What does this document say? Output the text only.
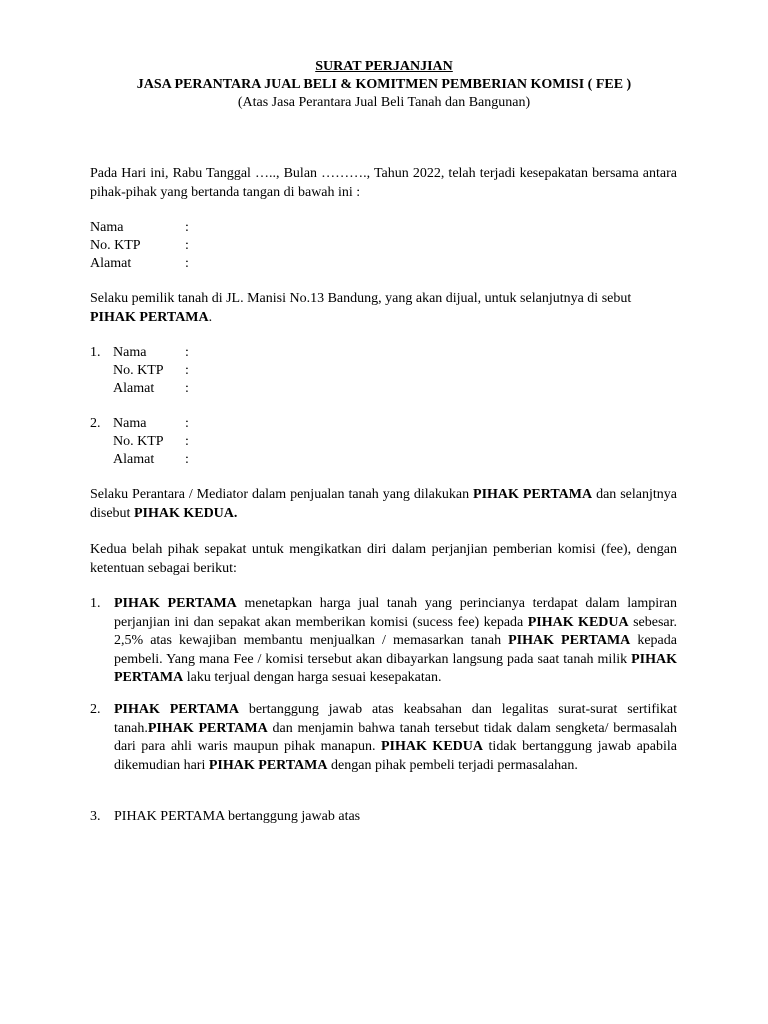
SURAT PERJANJIAN
JASA PERANTARA JUAL BELI & KOMITMEN PEMBERIAN KOMISI ( FEE )
(Atas Jasa Perantara Jual Beli Tanah dan Bangunan)
Pada Hari ini, Rabu Tanggal ….., Bulan ………., Tahun 2022, telah terjadi kesepakatan bersama antara pihak-pihak yang bertanda tangan di bawah ini :
Nama	:
No. KTP	:
Alamat	:
Selaku pemilik tanah di JL. Manisi No.13 Bandung, yang akan dijual, untuk selanjutnya di sebut
PIHAK PERTAMA.
1. Nama	:
No. KTP	:
Alamat	:
2. Nama	:
No. KTP	:
Alamat	:
Selaku Perantara / Mediator dalam penjualan tanah yang dilakukan PIHAK PERTAMA dan selanjtnya disebut PIHAK KEDUA.
Kedua belah pihak sepakat untuk mengikatkan diri dalam perjanjian pemberian komisi (fee), dengan ketentuan sebagai berikut:
1. PIHAK PERTAMA menetapkan harga jual tanah yang perincianya terdapat dalam lampiran perjanjian ini dan sepakat akan memberikan komisi (sucess fee) kepada PIHAK KEDUA sebesar. 2,5% atas kewajiban membantu menjualkan / memasarkan tanah PIHAK PERTAMA kepada pembeli. Yang mana Fee / komisi tersebut akan dibayarkan langsung pada saat tanah milik PIHAK PERTAMA laku terjual dengan harga sesuai kesepakatan.
2. PIHAK PERTAMA bertanggung jawab atas keabsahan dan legalitas surat-surat sertifikat tanah.PIHAK PERTAMA dan menjamin bahwa tanah tersebut tidak dalam sengketa/ bermasalah dari para ahli waris maupun pihak manapun. PIHAK KEDUA tidak bertanggung jawab apabila dikemudian hari PIHAK PERTAMA dengan pihak pembeli terjadi permasalahan.
3. PIHAK PERTAMA bertanggung jawab atas
